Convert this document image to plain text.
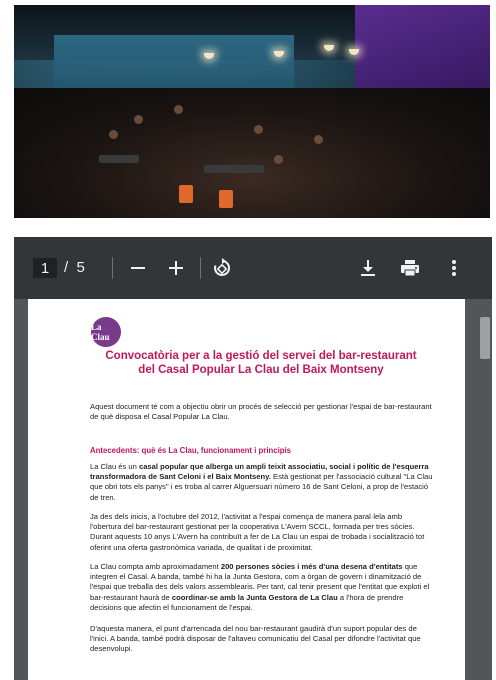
1 / 5
La Clau
Convocatòria per a la gestió del servei del bar-restaurant
del Casal Popular La Clau del Baix Montseny
Aquest document té com a objectiu obrir un procés de selecció per gestionar l'espai de bar-restaurant de què disposa el Casal Popular La Clau.
Antecedents: què és La Clau, funcionament i principis
La Clau és un casal popular que alberga un ampli teixit associatiu, social i polític de l'esquerra transformadora de Sant Celoni i el Baix Montseny. Està gestionat per l'associació cultural "La Clau que obri tots els panys" i es troba al carrer Alguersuari número 16 de Sant Celoni, a prop de l'estació de tren.
Ja des dels inicis, a l'octubre del 2012, l'activitat a l'espai comença de manera paral·lela amb l'obertura del bar-restaurant gestionat per la cooperativa L'Avern SCCL, formada per tres sòcies. Durant aquests 10 anys L'Avern ha contribuït a fer de La Clau un espai de trobada i socialització tot oferint una oferta gastronòmica variada, de qualitat i de proximitat.
La Clau compta amb aproximadament 200 persones sòcies i més d'una desena d'entitats que integren el Casal. A banda, també hi ha la Junta Gestora, com a òrgan de govern i dinamització de l'espai que treballa des dels valors assemblearis. Per tant, cal tenir present que l'entitat que exploti el bar-restaurant haurà de coordinar-se amb la Junta Gestora de La Clau a l'hora de prendre decisions que afectin el funcionament de l'espai.
D'aquesta manera, el punt d'arrencada del nou bar-restaurant gaudirà d'un suport popular des de l'inici. A banda, també podrà disposar de l'altaveu comunicatiu del Casal per difondre l'activitat que desenvolupi.
